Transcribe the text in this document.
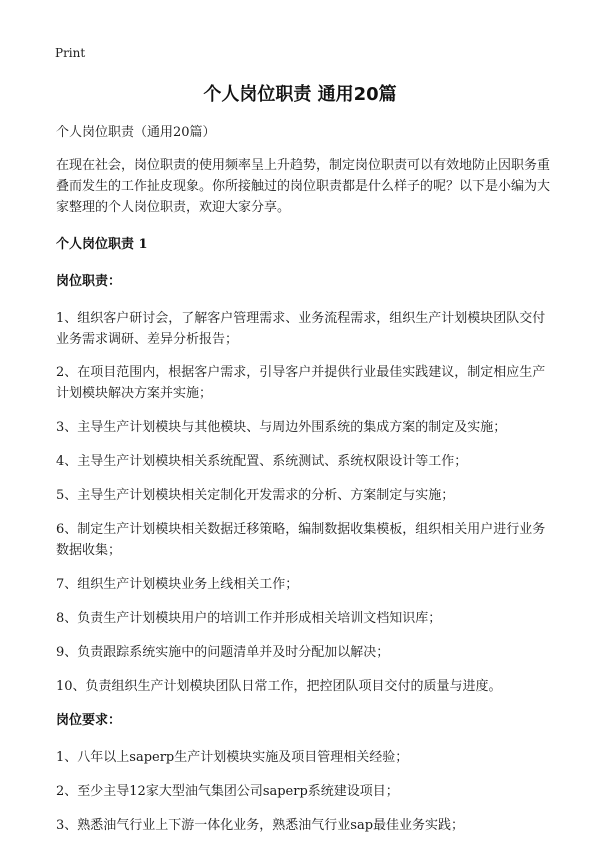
Print
个人岗位职责 通用20篇

个人岗位职责（通用20篇）

在现在社会，岗位职责的使用频率呈上升趋势，制定岗位职责可以有效地防止因职务重叠而发生的工作扯皮现象。你所接触过的岗位职责都是什么样子的呢？以下是小编为大家整理的个人岗位职责，欢迎大家分享。

个人岗位职责 1
岗位职责：

1、组织客户研讨会，了解客户管理需求、业务流程需求，组织生产计划模块团队交付业务需求调研、差异分析报告；

2、在项目范围内，根据客户需求，引导客户并提供行业最佳实践建议，制定相应生产计划模块解决方案并实施；

3、主导生产计划模块与其他模块、与周边外围系统的集成方案的制定及实施；

4、主导生产计划模块相关系统配置、系统测试、系统权限设计等工作；

5、主导生产计划模块相关定制化开发需求的分析、方案制定与实施；

6、制定生产计划模块相关数据迁移策略，编制数据收集模板，组织相关用户进行业务数据收集；

7、组织生产计划模块业务上线相关工作；

8、负责生产计划模块用户的培训工作并形成相关培训文档知识库；

9、负责跟踪系统实施中的问题清单并及时分配加以解决；

10、负责组织生产计划模块团队日常工作，把控团队项目交付的质量与进度。

岗位要求：

1、八年以上saperp生产计划模块实施及项目管理相关经验；

2、至少主导12家大型油气集团公司saperp系统建设项目；

3、熟悉油气行业上下游一体化业务，熟悉油气行业sap最佳业务实践；
